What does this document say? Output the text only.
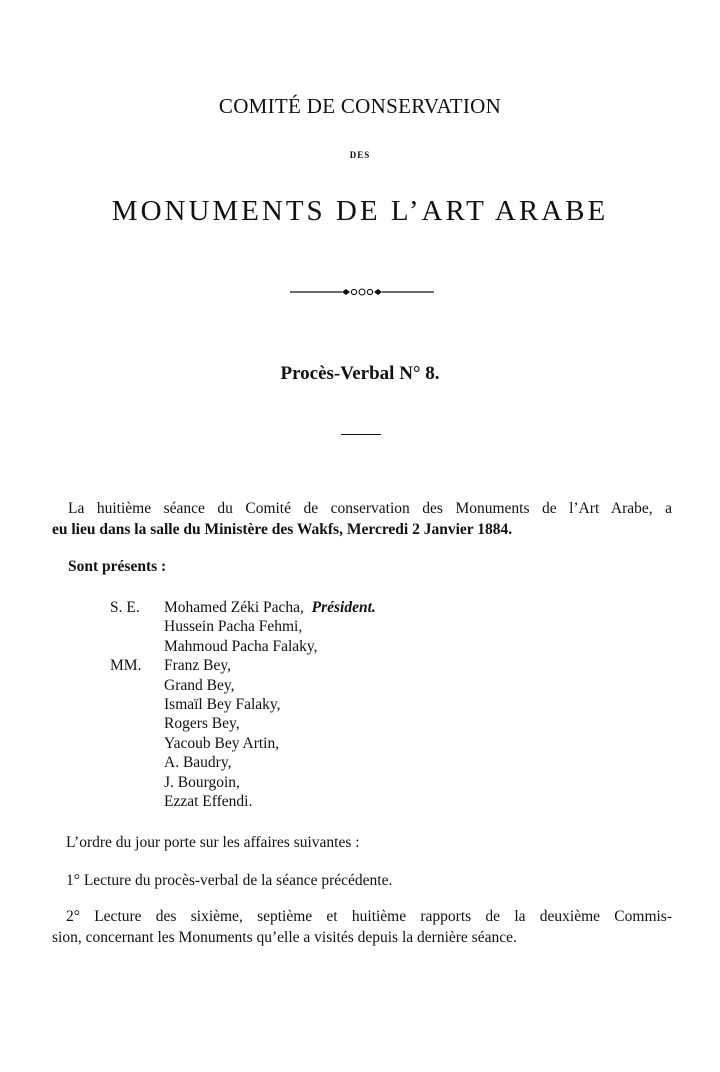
COMITÉ DE CONSERVATION
DES
MONUMENTS DE L’ART ARABE
Procès-Verbal N° 8.
La huitième séance du Comité de conservation des Monuments de l’Art Arabe, a
eu lieu dans la salle du Ministère des Wakfs, Mercredi 2 Janvier 1884.
Sont présents :
S. E.	Mohamed Zéki Pacha, Président.
Hussein Pacha Fehmi,
Mahmoud Pacha Falaky,
MM.	Franz Bey,
Grand Bey,
Ismaïl Bey Falaky,
Rogers Bey,
Yacoub Bey Artin,
A. Baudry,
J. Bourgoin,
Ezzat Effendi.
L’ordre du jour porte sur les affaires suivantes :
1° Lecture du procès-verbal de la séance précédente.
2° Lecture des sixième, septième et huitième rapports de la deuxième Commis-
sion, concernant les Monuments qu’elle a visités depuis la dernière séance.
